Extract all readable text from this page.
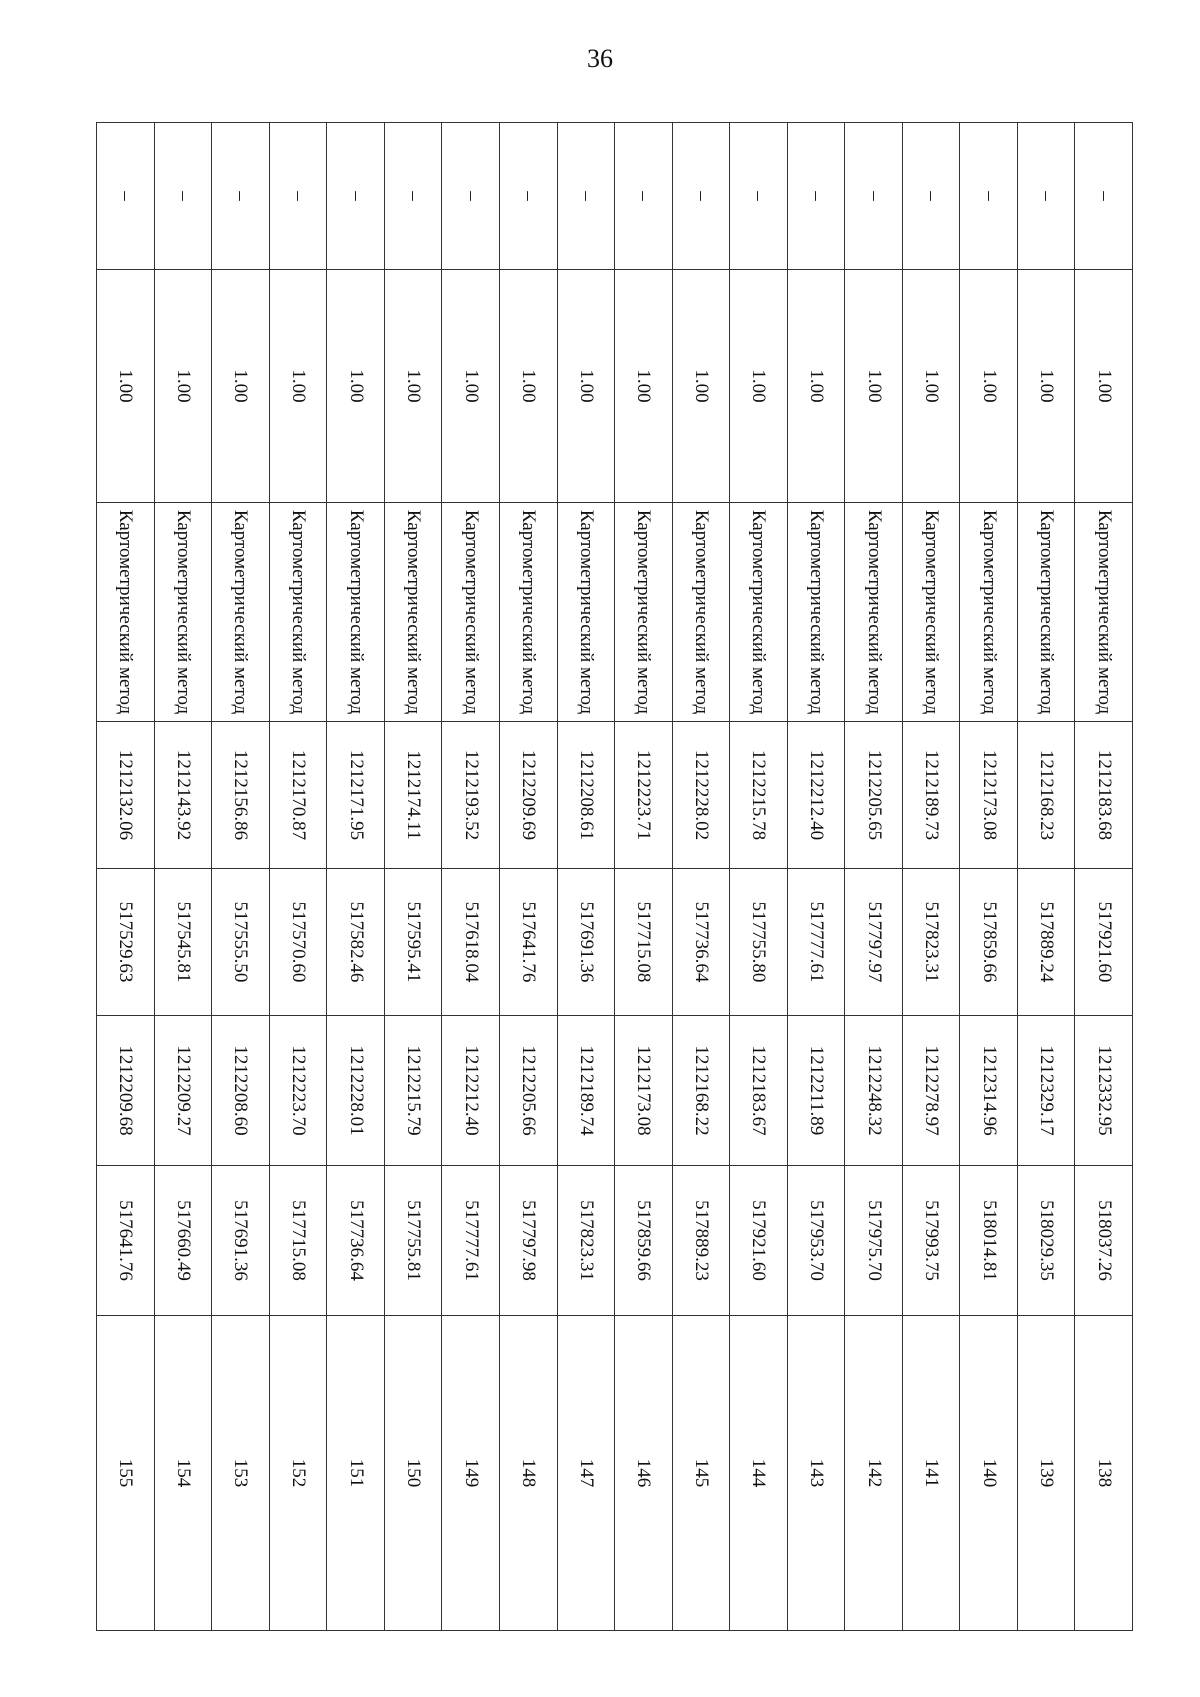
36
–	1.00	Картометрический метод	1212183.68	517921.60	1212332.95	518037.26	138
–	1.00	Картометрический метод	1212168.23	517889.24	1212329.17	518029.35	139
–	1.00	Картометрический метод	1212173.08	517859.66	1212314.96	518014.81	140
–	1.00	Картометрический метод	1212189.73	517823.31	1212278.97	517993.75	141
–	1.00	Картометрический метод	1212205.65	517797.97	1212248.32	517975.70	142
–	1.00	Картометрический метод	1212212.40	517777.61	1212211.89	517953.70	143
–	1.00	Картометрический метод	1212215.78	517755.80	1212183.67	517921.60	144
–	1.00	Картометрический метод	1212228.02	517736.64	1212168.22	517889.23	145
–	1.00	Картометрический метод	1212223.71	517715.08	1212173.08	517859.66	146
–	1.00	Картометрический метод	1212208.61	517691.36	1212189.74	517823.31	147
–	1.00	Картометрический метод	1212209.69	517641.76	1212205.66	517797.98	148
–	1.00	Картометрический метод	1212193.52	517618.04	1212212.40	517777.61	149
–	1.00	Картометрический метод	1212174.11	517595.41	1212215.79	517755.81	150
–	1.00	Картометрический метод	1212171.95	517582.46	1212228.01	517736.64	151
–	1.00	Картометрический метод	1212170.87	517570.60	1212223.70	517715.08	152
–	1.00	Картометрический метод	1212156.86	517555.50	1212208.60	517691.36	153
–	1.00	Картометрический метод	1212143.92	517545.81	1212209.27	517660.49	154
–	1.00	Картометрический метод	1212132.06	517529.63	1212209.68	517641.76	155
